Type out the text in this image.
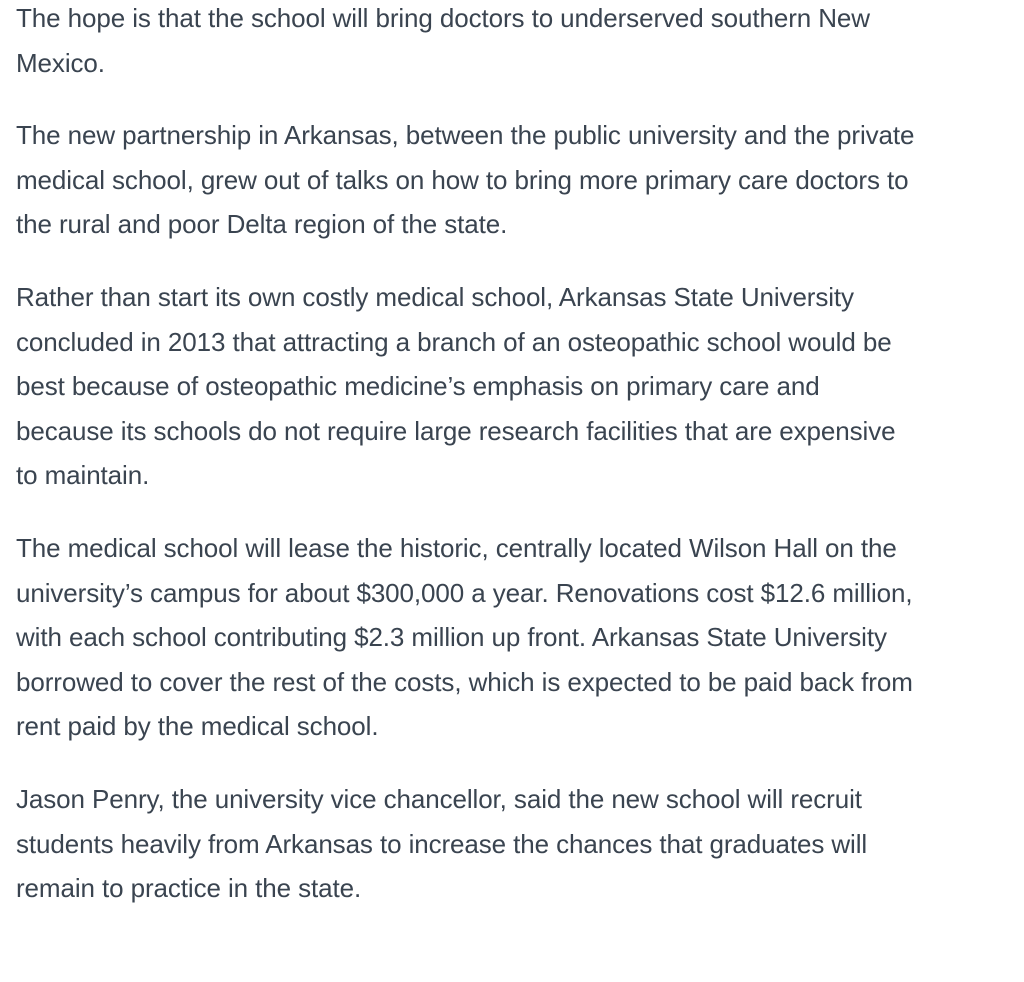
The hope is that the school will bring doctors to underserved southern New Mexico.

The new partnership in Arkansas, between the public university and the private medical school, grew out of talks on how to bring more primary care doctors to the rural and poor Delta region of the state.

Rather than start its own costly medical school, Arkansas State University concluded in 2013 that attracting a branch of an osteopathic school would be best because of osteopathic medicine’s emphasis on primary care and because its schools do not require large research facilities that are expensive to maintain.

The medical school will lease the historic, centrally located Wilson Hall on the university’s campus for about $300,000 a year. Renovations cost $12.6 million, with each school contributing $2.3 million up front. Arkansas State University borrowed to cover the rest of the costs, which is expected to be paid back from rent paid by the medical school.

Jason Penry, the university vice chancellor, said the new school will recruit students heavily from Arkansas to increase the chances that graduates will remain to practice in the state.
